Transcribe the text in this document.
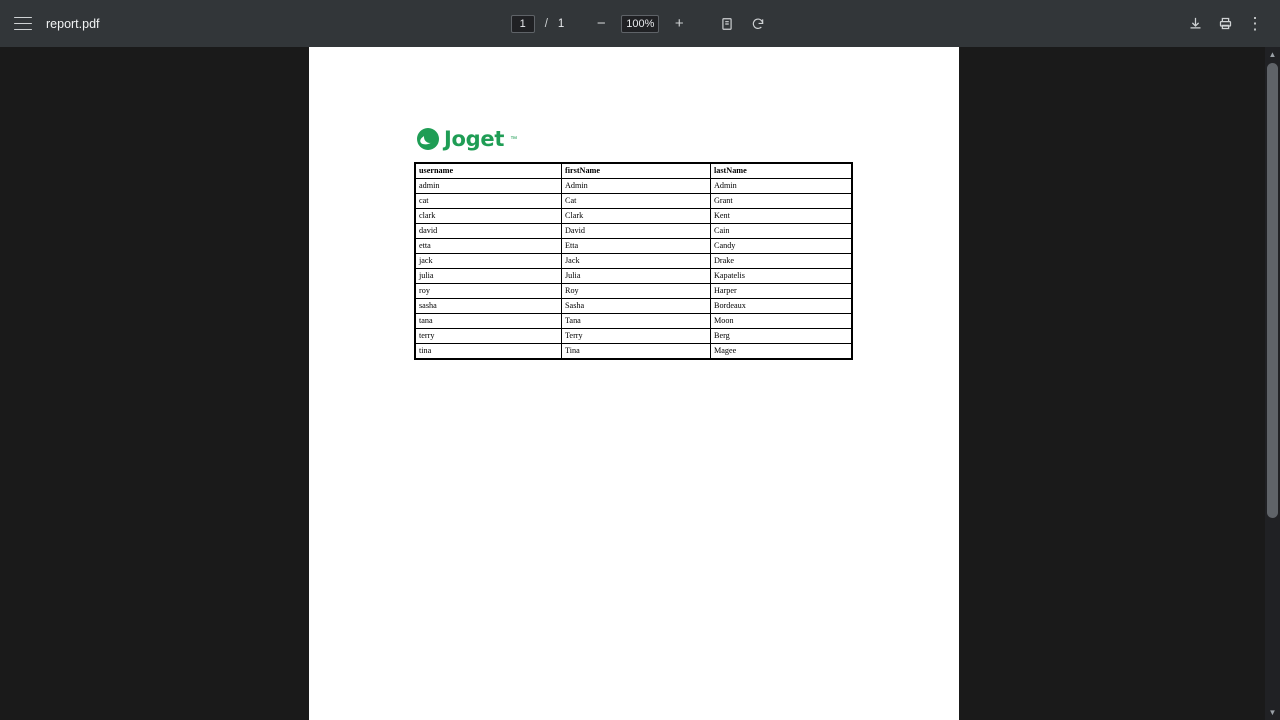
report.pdf	1	/ 1	−	100%	+	⋮
Joget ™
username	firstName	lastName
admin	Admin	Admin
cat	Cat	Grant
clark	Clark	Kent
david	David	Cain
etta	Etta	Candy
jack	Jack	Drake
julia	Julia	Kapatelis
roy	Roy	Harper
sasha	Sasha	Bordeaux
tana	Tana	Moon
terry	Terry	Berg
tina	Tina	Magee
▲
▼
